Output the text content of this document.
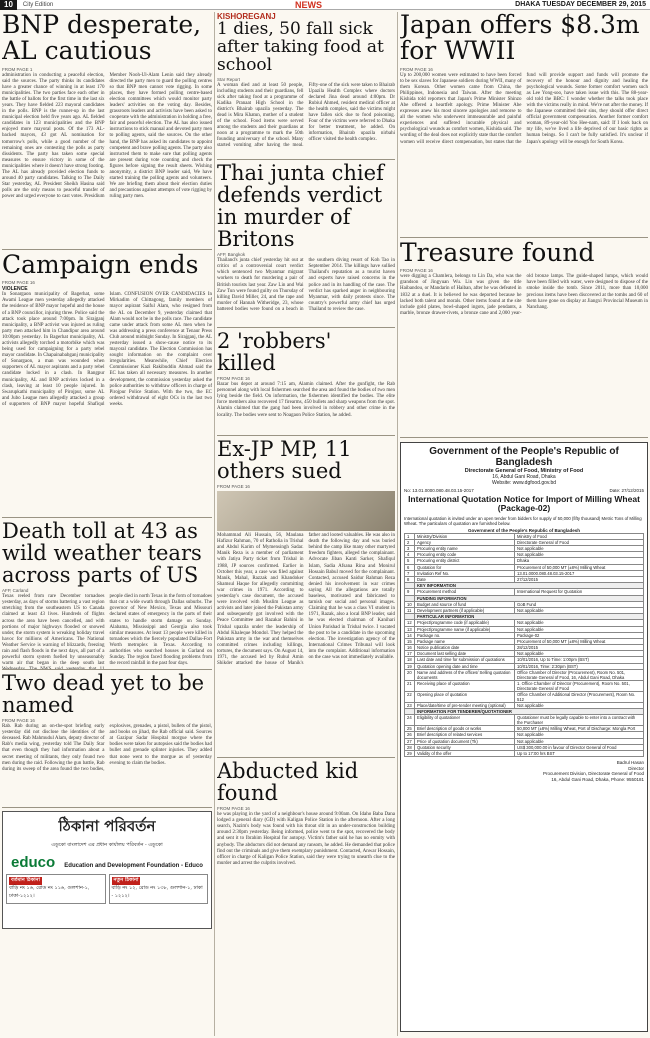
10	City Edition	NEWS	DHAKA TUESDAY DECEMBER 29, 2015
BNP desperate, AL cautious
FROM PAGE 1
administration in conducting a peaceful election, said the sources. The party thinks its candidates have a greater chance of winning in at least 170 municipalities. The two parties face each other in the battle of ballots for the first time in the last six years. They have fielded 223 mayoral candidates in the polls. BNP is the runner-up in the last municipal election held five years ago. AL fielded candidates in 123 municipalities and the BNP enjoyed more mayoral posts. Of the 173 AL-backed mayors, 43 got AL nomination for tomorrow's polls, while a good number of the remaining ones are contesting the polls as party dissidents. The party has taken some special measures to ensure victory in some of the municipalities where it doesn't have strong footing. The AL has already provided election funds to around 40 party candidates. Talking to The Daily Star yesterday, AL President Sheikh Hasina said polls are the only means to peaceful transfer of power and urged everyone to cast votes. Presidium Member Nooh-Ul-Alam Lenin said they already directed the party men to guard the polling centres so that BNP men cannot vote rigging. In some places, they have formed polling centre-based election committees which would monitor party leaders' activities on the voting day. Besides, grassroots leaders and activists have been asked to cooperate with the administration in holding a free, fair and peaceful election. The AL has also issued instructions to stick manual and devoted party men to polling agents, said the sources. On the other hand, the BNP has asked its candidates to appoint competent and brave polling agents. The party also instructed them to make sure that polling agents are present during vote counting and check the figures before signing the result sheets. Wishing anonymity, a district BNP leader said, We have started training the polling agents and volunteers. We are briefing them about their election duties and precautions against attempts of vote rigging by ruling party men.
Campaign ends
FROM PAGE 16
VIOLENCE
In Sonargaon municipality of Bagerhat, some Awami League men yesterday allegedly attacked the residence of BNP mayor hopeful and the house of a BNP councillor, injuring three. Police said the attack took place around 7:00pm. In Sirajganj municipality, a BNP activist was injured as ruling party men attacked him in Chandipur area around 10:00pm yesterday. In Bagerhat municipality, AL activists allegedly torched a motorbike which was being used for campaigning for a party rebel mayor candidate. In Chapainababganj municipality of Sonargaon, a man was wounded when supporters of AL mayor aspirants and a party rebel candidate locked in a clash. In Rangpur municipality, AL and BNP activists locked in a clash, leaving at least 10 people injured. In Swarupkathi municipality of Pirojpur, some AL and Jubo League men allegedly attacked a group of supporters of BNP mayor hopeful Shafiqul Islam. CONFUSION OVER CANDIDACIES In Mirkadim of Chittagong, family members of mayor aspirant Saiful Alam, who resigned from the AL on December 9, yesterday claimed that Alam would not be in the polls race. The candidate came under attack from some AL men when he was addressing a press conference at Tenaur Press Club around midnight Sunday. In Sirajganj, the AL yesterday issued a show-cause notice to its mayoral candidate. The Election Commission has sought information on the complaint over irregularities. Meanwhile, Chief Election Commissioner Kazi Rakibuddin Ahmad said the EC has taken all necessary measures. In another development, the commission yesterday asked the police authorities to withdraw officers in charge of Pirojpur Police Station. With the two, the EC ordered withdrawal of eight OCs in the last two weeks.
Death toll at 43 as wild weather tears across parts of US
AFP, Carland
Texas reeled from rare December tornadoes yesterday, as days of storms battering a vast region stretching from the southeastern US to Canada claimed at least 43 lives. Hundreds of flights across the area have been cancelled, and with portions of major highways flooded or snowed under, the storm system is wreaking holiday travel havoc for millions of Americans. The National Weather Service is warning of blizzards, freezing rain and flash floods in the next days, all part of a powerful storm system fuelled by unseasonably warm air that began in the deep south last Wednesday. The NWS said yesterday that 11 people died in north Texas in the form of tornadoes that cut a wide swath through Dallas suburbs. The governor of New Mexico, Texas and Missouri declared states of emergency in the parts of their states to handle storm damage on Sunday. Alabama, Mississippi and Georgia also took similar measures. At least 13 people were killed in tornadoes which the fiercely populated Dallas-Fort Worth metroplex in Texas. According to authorities who searched houses in Garland on Sunday. The region faced flooding problems from the record rainfall in the past four days.
Two dead yet to be named
FROM PAGE 16
Rab. Rab during an on-the-spot briefing early yesterday did not disclose the identities of the deceased. Rab Mahmudul Alam, deputy director of Rab's media wing, yesterday told The Daily Star that even though they had information about a secret meeting of militants, they only found two men during the raid. Following the gun battle, Rab during its sweep of the area found the two bodies, explosives, grenades, a pistol, bullets of the pistol, and books on jihad, the Rab official said. Sources at Gazipur Sadar Hospital morgue where the bodies were taken for autopsies said the bodies had bullet and grenade splinter injuries. They added that none went to the morgue as of yesterday evening to claim the bodies.
ঠিকানা পরিবর্তন
এডুকো বাংলাদেশ এর প্রধান কার্যালয় পরিবর্তন - এডুকো
educo Education and Development Foundation - Educo
বর্তমান ঠিকানা
বাড়ি নং ১৬, রোড নং ১১৬, গুলশান-১, ঢাকা-১২১২।
নতুন ঠিকানা
বাড়ি নং ১২, রোড নং ১৩৮, গুলশান-১, ঢাকা - ১২১২।
KISHOREGANJ
1 dies, 50 fall sick after taking food at school
Star Report
A woman died and at least 50 people, including students and their guardians, fell sick after taking food at a programme of Kadika Pranaat High School in the district's Bhairab upazila yesterday. The dead is Mira Khatun, mother of a student of the school. Food items were served among the students and their guardians at noon at a programme to mark the 50th founding anniversary of the school. Many started vomiting after having the meal. Fifty-one of the sick were taken to Bhairab Upazila Health Complex where doctors declared Jina dead around 4:00pm. Dr Rubiul Ahmed, resident medical officer at the health complex, said the victims might have fallen sick due to food poisoning. Four of the victims were referred to Dhaka for better treatment, he added. On information, Bhairab upazila nirbahi officer visited the health complex.
Thai junta chief defends verdict in murder of Britons
AFP, Bangkok
Thailand's junta chief yesterday hit out at critics of a controversial court verdict which sentenced two Myanmar migrant workers to death for murdering a pair of British tourists last year. Zaw Lin and Wai Zaw Tun were found guilty on Thursday of killing David Miller, 24, and the rape and murder of Hannah Witheridge, 23, whose battered bodies were found on a beach in the southern diving resort of Koh Tao in September 2014. The killings have sullied Thailand's reputation as a tourist haven and experts have raised concerns in the police and in its handling of the case. The verdict has sparked anger in neighbouring Myanmar, with daily protests since. The country's powerful army chief has urged Thailand to review the case.
2 'robbers' killed
FROM PAGE 16
Bazar bus depot at around 7:15 am, Alamin claimed. After the gunfight, the Rab personnel along with local fishermen searched the area and found the bodies of two men lying beside the field. On information, the fishermen identified the bodies. The elite force members also recovered 17 firearms, 450 bullets and sharp weapons from the spot. Alamin claimed that the gang had been involved in robbery and other crime in the locality. The bodies were sent to Noagaon Police Station, he added.
Ex-JP MP, 11 others sued
FROM PAGE 16
Mohammad Ali Hussain, 56, Maulana Hafizur Rahman, 70 of Ratholia in Trishal and Abdul Karim of Mymensingh Sadar. Manik Reza is a member of parliament with Jatiya Party ticket from Trishal in 1988, JP sources confirmed. Earlier in October this year, a case was filed against Manik, Mahal, Razzak and Khandoker Shamsul Haque for allegedly committing war crimes in 1971. According to yesterday's case document, the accused were involved with Muslim League as activists and later joined the Pakistan army and subsequently got involved with the Peace Committee and Razakar Bahini in Trishal upazila under the leadership of Abdul Khaleque Mondol. They helped the Pakistan army in the war and themselves committed crimes including killings, tortures, the document says. On August 14, 1971, the accused led by Ruhul Amin Shikder attacked the house of Manik's father and looted valuables. He was also in death the following day and was buried behind the camp like many other martyred freedom fighters, alleged the complainant. Advocate Jiban Kanti Sarker, Shafiqul Islam, Sadia Afsana Rina and Monirul Hossain Babul moved for the complainant. Contacted, accused Saidur Rahman Reza denied his involvement in war crimes saying All the allegations are totally baseless, motivated and fabricated to tarnish our social and personal images. Claiming that he was a class VI student in 1971, Razak, also a local BNP leader, said he was elected chairman of Kanihari Union Parishad in Trishal twice. I vacated the post to be a candidate in the upcoming election. The investigation agency of the International Crimes Tribunal will look into the complaint. Additional information on the case was not immediately available.
Abducted kid found
FROM PAGE 16
he was playing in the yard of a neighbour's house around 9:00am. On Idaho Baba Dana lodged a general diary (GD) with Kaligan Police Station in the afternoon. After a long search, Nazim's body was found with his throat slit in an under-construction building around 2:30pm yesterday. Being informed, police went to the spot, recovered the body and sent it to Ibrahim Hospital for autopsy. Victim's father said he has no enmity with anybody. The abductors did not demand any ransom, he added. He demanded that police find out the criminals and give them exemplary punishment. Contacted, Anwar Hossain, officer in charge of Kaligan Police Station, said they were trying to unearth clue to the murder and arrest the culprits involved.
Japan offers $8.3m for WWII
FROM PAGE 16
Up to 200,000 women were estimated to have been forced to be sex slaves for Japanese soldiers during WWII, many of them Korean. Other women came from China, the Philippines, Indonesia and Taiwan. After the meeting Kishida told reporters that Japan's Prime Minister Shinzo Abe offered a heartfelt apology. Prime Minister Abe expresses anew his most sincere apologies and remorse to all the women who underwent immeasurable and painful experiences and suffered incurable physical and psychological wounds as comfort women, Kishida said. The wording of the deal does not explicitly state that the comfort women will receive direct compensation, but states that the fund will provide support and funds will promote the recovery of the honour and dignity and healing the psychological wounds. Some former comfort women such as Lee Yong-soo, have taken issue with this. The 88-year-old told the BBC: I wonder whether the talks took place with the victims really in mind. We're not after the money. If the Japanese committed their sins, they should offer direct official government compensation. Another former comfort woman, 89-year-old Yoo Hee-nam, said: If I look back on my life, we've lived a life deprived of our basic rights as human beings. So I can't be fully satisfied. It's unclear if Japan's apology will be enough for South Korea.
Treasure found
FROM PAGE 16
were digging a Chamlera, belongs to Lin Da, who was the grandson of Jingyuan Wu. Lin was given the title Haibandou, or Mandarin of Haiban, after he was defeated in 1832 at a duel. It is believed he was deported because he lacked both talent and morals. Other items found at the site include gold plates, bowl-shaped ingots, jade pendants, a marble, bronze drawer-rivets, a bronze cane and 2,000 year-old bronze lamps. The guide-shaped lumps, which would have been filled with water, were designed to dispose of the smoke inside the tomb. Since 2011, more than 10,000 precious items have been discovered at the tombs and 60 of them have gone on display at Jiangxi Provincial Museum in Nanchang.
Government of the People's Republic of Bangladesh
Directorate General of Food, Ministry of Food
16, Abdul Gani Road, Dhaka
Website: www.dgfood.gov.bd
No: 13.01.0000.080.48.03.15-2017	Date: 27/12/2015
International Quotation Notice for Import of Milling Wheat (Package-02)
International quotation is invited under an open tender from bidders for supply of 50,000 (fifty thousand) Metric Tons of Milling Wheat. The particulars of quotation are furnished below.
Government of the People's Republic of Bangladesh
1	Ministry/Division	Ministry of Food
2	Agency	Directorate General of Food
3	Procuring entity name	Not applicable
4	Procuring entity code	Not applicable
5	Procuring entity district	Dhaka
6	Quotation for	Procurement of 50,000 MT (±8%) Milling Wheat
7	Invitation Ref No.	13.01.0000.080.48.03.15-2017
8	Date	27/12/2015
	KEY INFORMATION	
9	Procurement method	International Request for Quotation
	FUNDING INFORMATION	
10	Budget and source of fund	GoB Fund
11	Development partners (if applicable)	Not applicable
	PARTICULAR INFORMATION	
12	Project/programme code (if applicable)	Not applicable
13	Project/programme name (if applicable)	Not applicable
14	Package no.	Package-02
15	Package name	Procurement of 50,000 MT (±8%) Milling Wheat
16	Notice publication date	28/12/2015
17	Document last selling date	Not applicable
18	Last date and time for submission of quotations	10/01/2016, Up to Time: 1:00pm (BST)
19	Quotation opening date and time	10/01/2016, Time: 2:30pm (BST)
20	Name and address of the offices/ Selling quotation documents	Office Chamber of Director (Procurement), Room No. 501, Directorate General of Food, 16, Abdul Gani Road, Dhaka
21	Receiving place of quotation	1. Office Chamber of Director (Procurement), Room No. 501, Directorate General of Food
22	Opening place of quotation	Office Chamber of Additional Director (Procurement), Room No. 512
23	Place/date/time of pre-tender meeting (optional)	Not applicable
	INFORMATION FOR TENDERER/QUOTATIONER	
24	Eligibility of quotationer	Quotationer must be legally capable to enter into a contract with the Purchaser
25	Brief description of goods or works	50,000 MT (±8%) Milling Wheat, Port of Discharge: Mongla Port
26	Brief description of related services	Not applicable
27	Price of quotation document (Tk)	Not applicable
28	Quotation security	US$ 300,000.00 in favour of Director General of Food
29	Validity of the offer	Up to 17:00 hrs BST
Badrul Hasan
Director
Procurement Division, Directorate General of Food
16, Abdul Gani Road, Dhaka, Phone: 9550181
